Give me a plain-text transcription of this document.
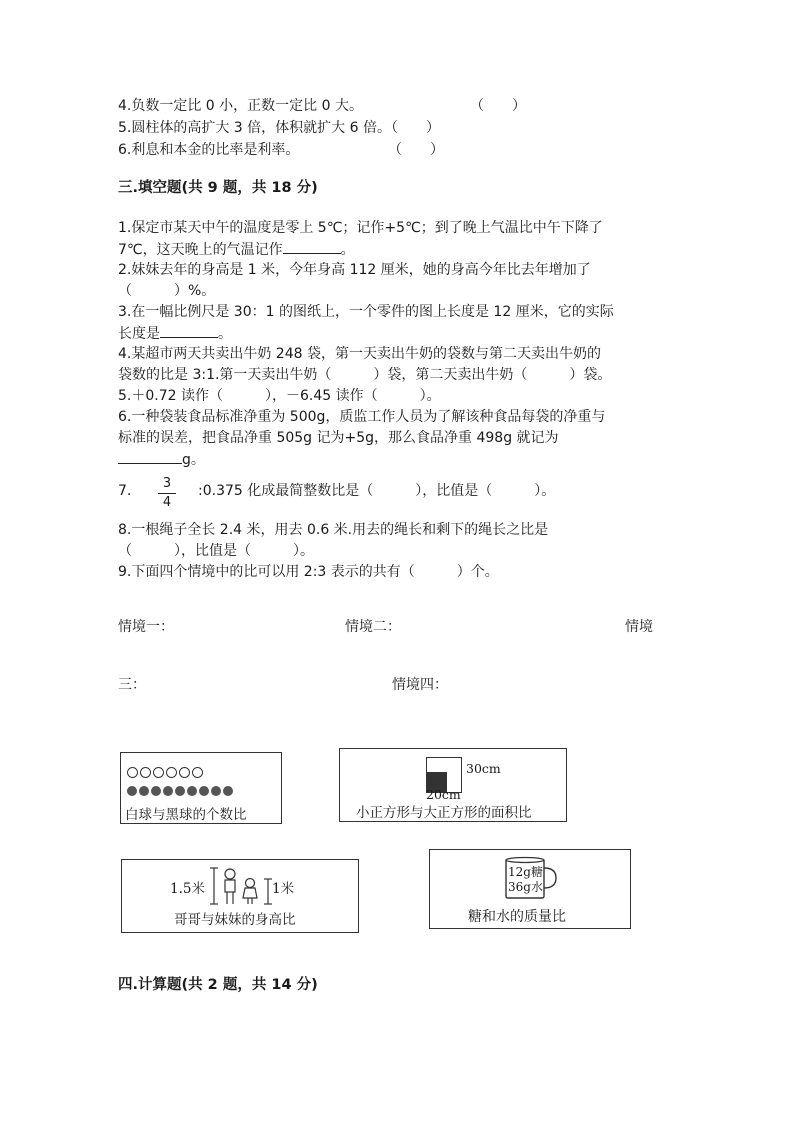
4.负数一定比 0 小，正数一定比 0 大。	（　　）
5.圆柱体的高扩大 3 倍，体积就扩大 6 倍。（　　）
6.利息和本金的比率是利率。	（　　）
三.填空题(共 9 题，共 18 分)
1.保定市某天中午的温度是零上 5℃；记作+5℃；到了晚上气温比中午下降了
7℃，这天晚上的气温记作	。
2.妹妹去年的身高是 1 米，今年身高 112 厘米，她的身高今年比去年增加了
（　　　）%。
3.在一幅比例尺是 30：1 的图纸上，一个零件的图上长度是 12 厘米，它的实际
长度是	。
4.某超市两天共卖出牛奶 248 袋，第一天卖出牛奶的袋数与第二天卖出牛奶的
袋数的比是 3:1.第一天卖出牛奶（　　　）袋，第二天卖出牛奶（　　　）袋。
5.＋0.72 读作（　　　），－6.45 读作（　　　）。
6.一种袋装食品标准净重为 500g，质监工作人员为了解该种食品每袋的净重与
标准的误差，把食品净重 505g 记为+5g，那么食品净重 498g 就记为
g。
7.	3
4
:0.375 化成最简整数比是（　　　），比值是（　　　）。
8.一根绳子全长 2.4 米，用去 0.6 米.用去的绳长和剩下的绳长之比是
（　　　），比值是（　　　）。
9.下面四个情境中的比可以用 2:3 表示的共有（　　　）个。
情境一：	情境二：	情境
三：	情境四：
白球与黑球的个数比
30cm
20cm
小正方形与大正方形的面积比
1.5米	1米
哥哥与妹妹的身高比
12g糖
36g水
糖和水的质量比
四.计算题(共 2 题，共 14 分)
